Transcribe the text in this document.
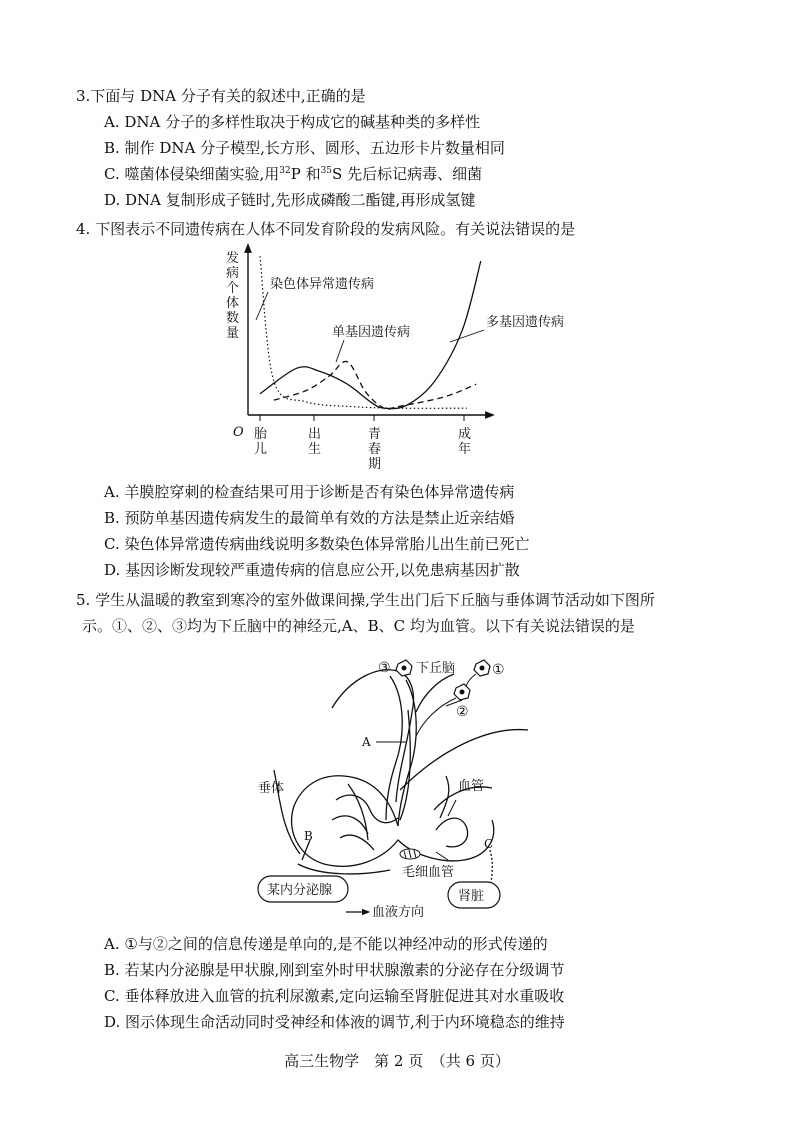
3.下面与 DNA 分子有关的叙述中,正确的是
A. DNA 分子的多样性取决于构成它的碱基种类的多样性
B. 制作 DNA 分子模型,长方形、圆形、五边形卡片数量相同
C. 噬菌体侵染细菌实验,用$^{32}$P 和$^{35}$S 先后标记病毒、细菌
D. DNA 复制形成子链时,先形成磷酸二酯键,再形成氢键
4. 下图表示不同遗传病在人体不同发育阶段的发病风险。有关说法错误的是
发病个体数量
O 胎儿
出生
青春期
成年
染色体异常遗传病
单基因遗传病
多基因遗传病
A. 羊膜腔穿刺的检查结果可用于诊断是否有染色体异常遗传病
B. 预防单基因遗传病发生的最简单有效的方法是禁止近亲结婚
C. 染色体异常遗传病曲线说明多数染色体异常胎儿出生前已死亡
D. 基因诊断发现较严重遗传病的信息应公开,以免患病基因扩散
5. 学生从温暖的教室到寒冷的室外做课间操,学生出门后下丘脑与垂体调节活动如下图所
示。①、②、③均为下丘脑中的神经元,A、B、C 均为血管。以下有关说法错误的是
③ 下丘脑	①
②
A
垂体	血管
B
C
毛细血管
某内分泌腺	肾脏
血液方向
A. ①与②之间的信息传递是单向的,是不能以神经冲动的形式传递的
B. 若某内分泌腺是甲状腺,刚到室外时甲状腺激素的分泌存在分级调节
C. 垂体释放进入血管的抗利尿激素,定向运输至肾脏促进其对水重吸收
D. 图示体现生命活动同时受神经和体液的调节,利于内环境稳态的维持
高三生物学　第 2 页　（共 6 页）
